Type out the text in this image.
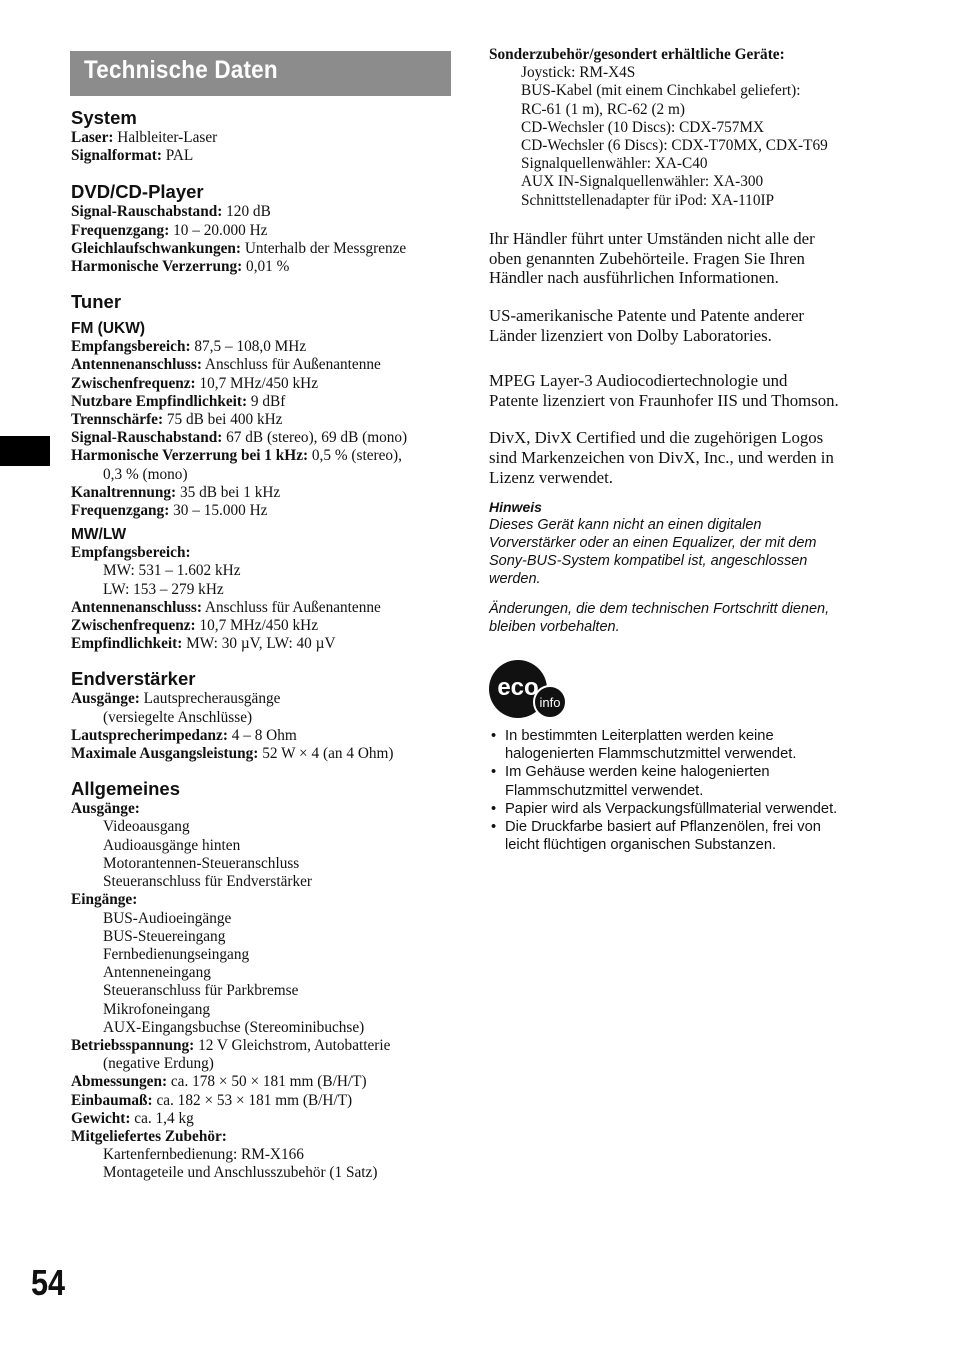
Technische Daten
System
Laser: Halbleiter-Laser
Signalformat: PAL
DVD/CD-Player
Signal-Rauschabstand: 120 dB
Frequenzgang: 10 – 20.000 Hz
Gleichlaufschwankungen: Unterhalb der Messgrenze
Harmonische Verzerrung: 0,01 %
Tuner
FM (UKW)
Empfangsbereich: 87,5 – 108,0 MHz
Antennenanschluss: Anschluss für Außenantenne
Zwischenfrequenz: 10,7 MHz/450 kHz
Nutzbare Empfindlichkeit: 9 dBf
Trennschärfe: 75 dB bei 400 kHz
Signal-Rauschabstand: 67 dB (stereo), 69 dB (mono)
Harmonische Verzerrung bei 1 kHz: 0,5 % (stereo),
0,3 % (mono)
Kanaltrennung: 35 dB bei 1 kHz
Frequenzgang: 30 – 15.000 Hz
MW/LW
Empfangsbereich:
MW: 531 – 1.602 kHz
LW: 153 – 279 kHz
Antennenanschluss: Anschluss für Außenantenne
Zwischenfrequenz: 10,7 MHz/450 kHz
Empfindlichkeit: MW: 30 µV, LW: 40 µV
Endverstärker
Ausgänge: Lautsprecherausgänge
(versiegelte Anschlüsse)
Lautsprecherimpedanz: 4 – 8 Ohm
Maximale Ausgangsleistung: 52 W × 4 (an 4 Ohm)
Allgemeines
Ausgänge:
Videoausgang
Audioausgänge hinten
Motorantennen-Steueranschluss
Steueranschluss für Endverstärker
Eingänge:
BUS-Audioeingänge
BUS-Steuereingang
Fernbedienungseingang
Antenneneingang
Steueranschluss für Parkbremse
Mikrofoneingang
AUX-Eingangsbuchse (Stereominibuchse)
Betriebsspannung: 12 V Gleichstrom, Autobatterie
(negative Erdung)
Abmessungen: ca. 178 × 50 × 181 mm (B/H/T)
Einbaumaß: ca. 182 × 53 × 181 mm (B/H/T)
Gewicht: ca. 1,4 kg
Mitgeliefertes Zubehör:
Kartenfernbedienung: RM-X166
Montageteile und Anschlusszubehör (1 Satz)
Sonderzubehör/gesondert erhältliche Geräte:
Joystick: RM-X4S
BUS-Kabel (mit einem Cinchkabel geliefert):
RC-61 (1 m), RC-62 (2 m)
CD-Wechsler (10 Discs): CDX-757MX
CD-Wechsler (6 Discs): CDX-T70MX, CDX-T69
Signalquellenwähler: XA-C40
AUX IN-Signalquellenwähler: XA-300
Schnittstellenadapter für iPod: XA-110IP
Ihr Händler führt unter Umständen nicht alle der
oben genannten Zubehörteile. Fragen Sie Ihren
Händler nach ausführlichen Informationen.
US-amerikanische Patente und Patente anderer
Länder lizenziert von Dolby Laboratories.
MPEG Layer-3 Audiocodiertechnologie und
Patente lizenziert von Fraunhofer IIS und Thomson.
DivX, DivX Certified und die zugehörigen Logos
sind Markenzeichen von DivX, Inc., und werden in
Lizenz verwendet.
Hinweis
Dieses Gerät kann nicht an einen digitalen
Vorverstärker oder an einen Equalizer, der mit dem
Sony-BUS-System kompatibel ist, angeschlossen
werden.
Änderungen, die dem technischen Fortschritt dienen,
bleiben vorbehalten.
eco
info
• In bestimmten Leiterplatten werden keine
halogenierten Flammschutzmittel verwendet.
• Im Gehäuse werden keine halogenierten
Flammschutzmittel verwendet.
• Papier wird als Verpackungsfüllmaterial verwendet.
• Die Druckfarbe basiert auf Pflanzenölen, frei von
leicht flüchtigen organischen Substanzen.
54
